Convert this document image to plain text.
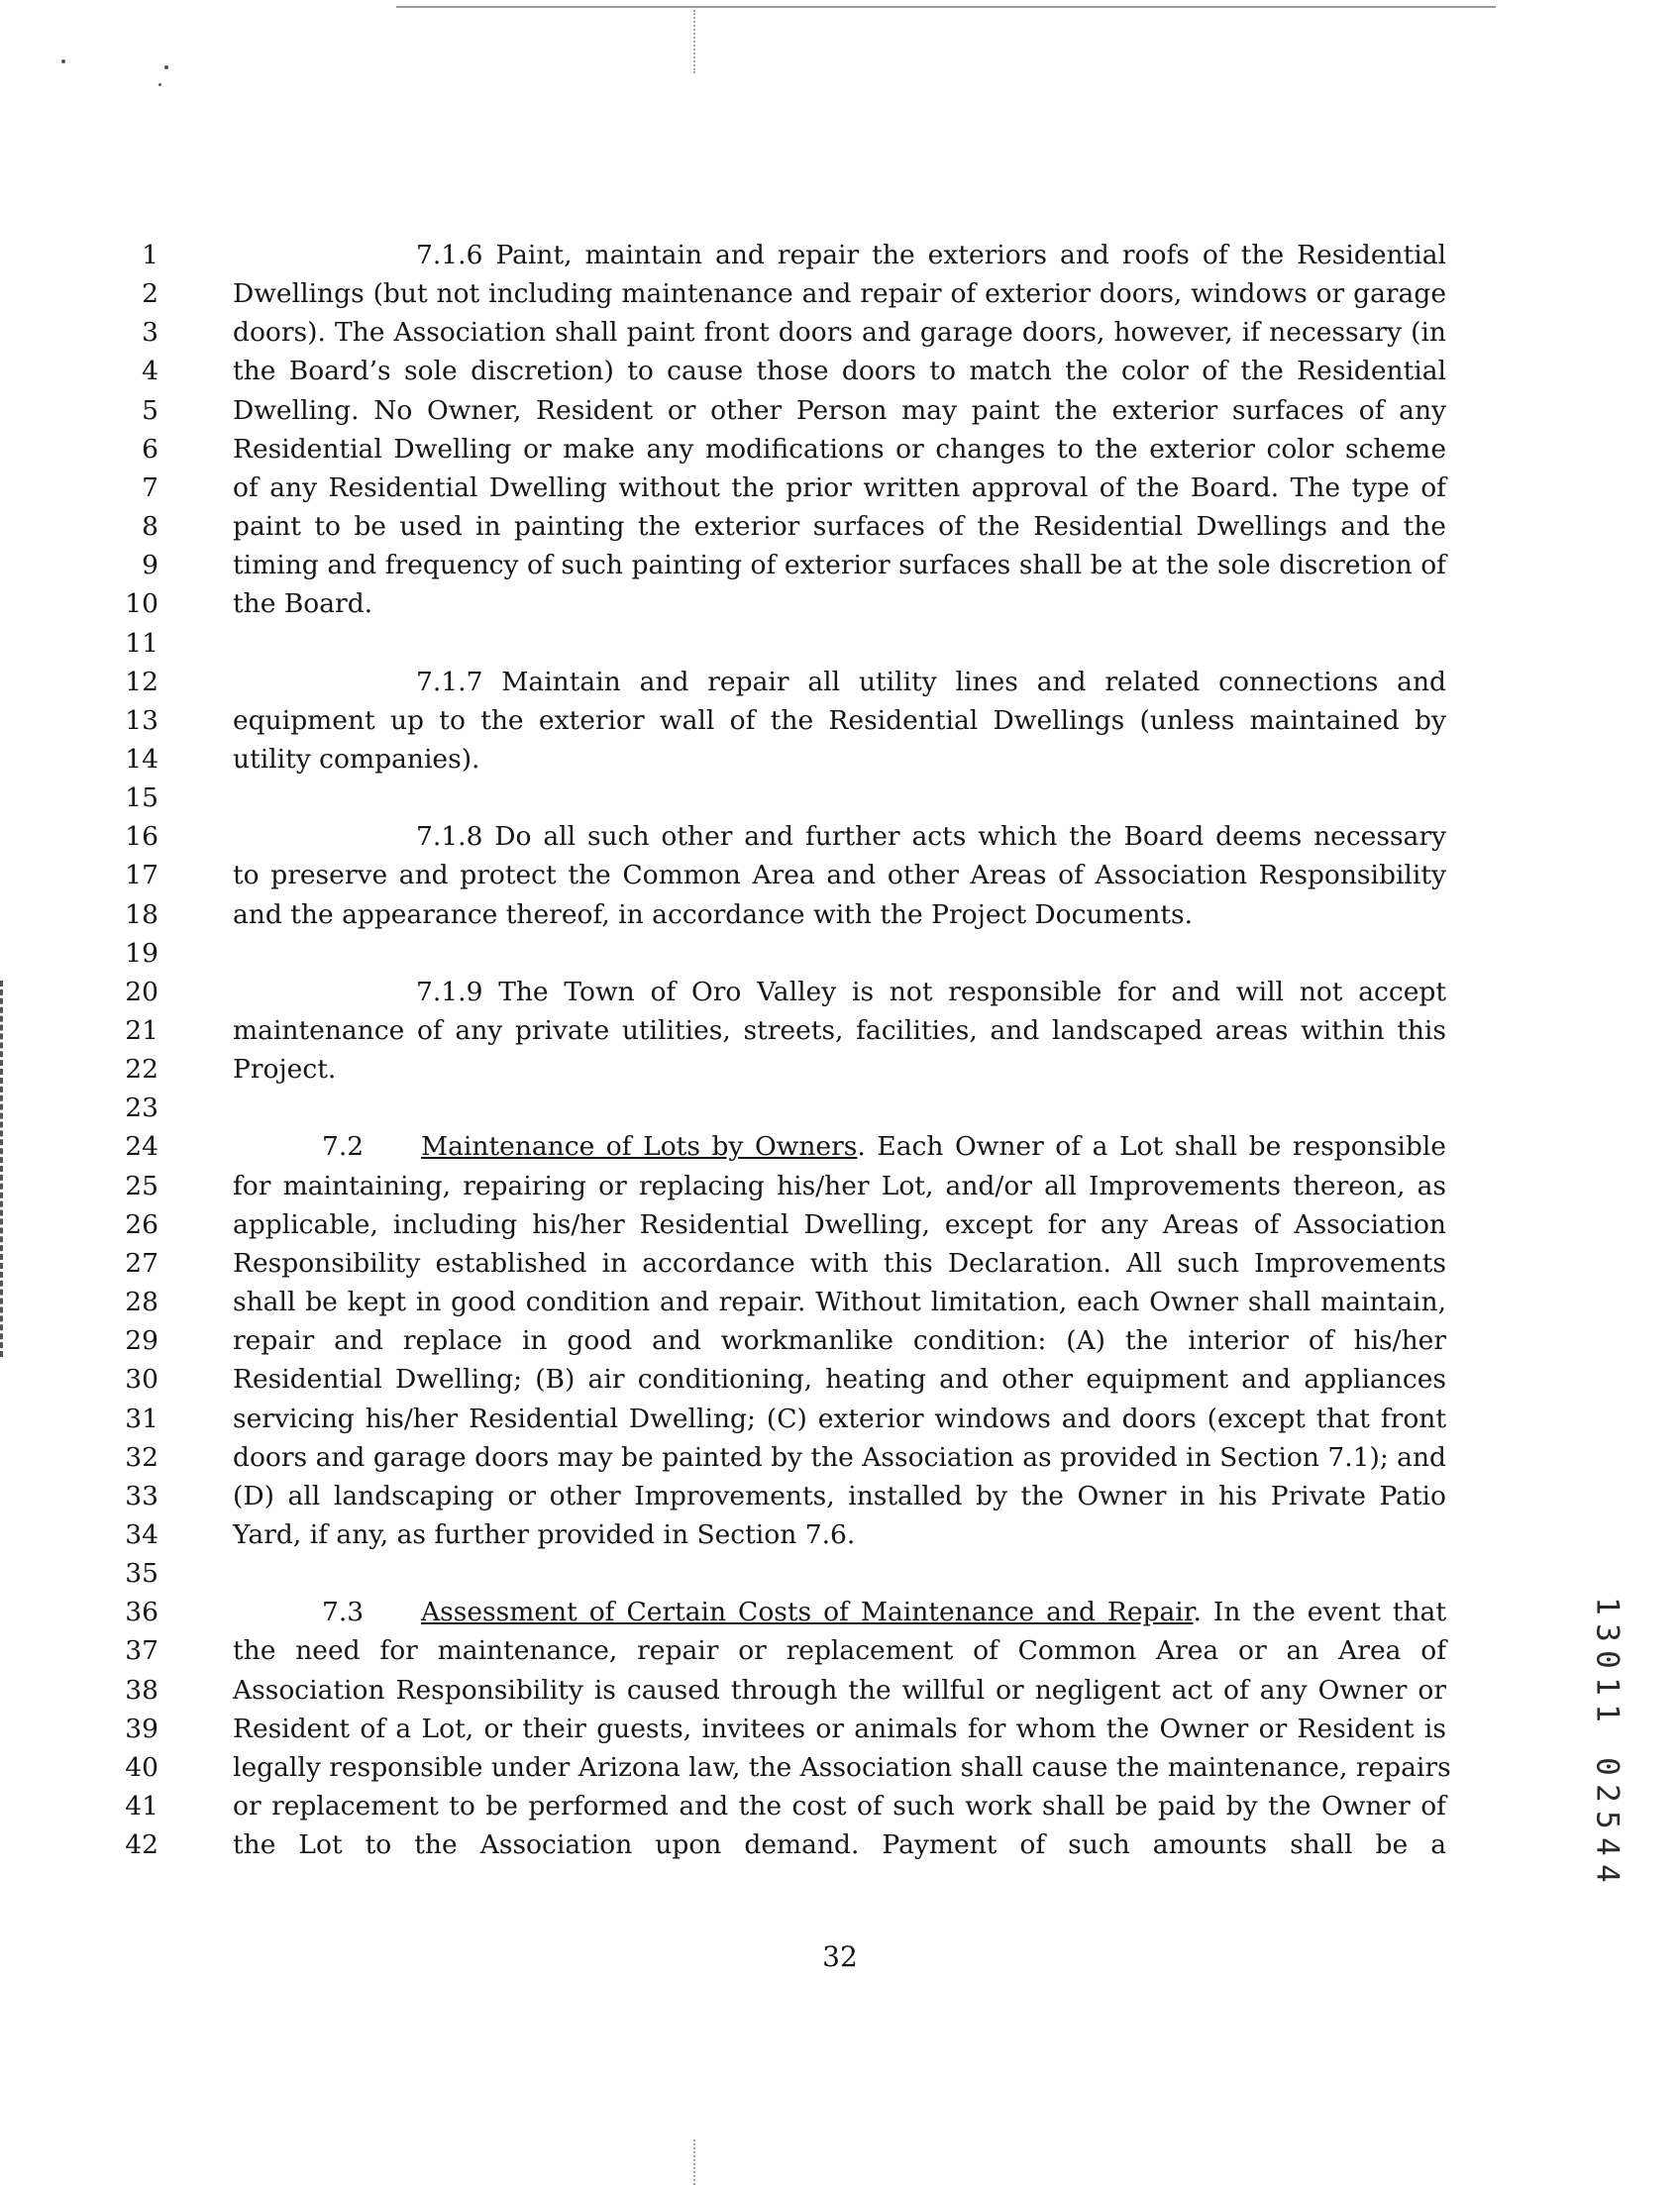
1	7.1.6 Paint, maintain and repair the exteriors and roofs of the Residential
2	Dwellings (but not including maintenance and repair of exterior doors, windows or garage
3	doors). The Association shall paint front doors and garage doors, however, if necessary (in
4	the Board’s sole discretion) to cause those doors to match the color of the Residential
5	Dwelling. No Owner, Resident or other Person may paint the exterior surfaces of any
6	Residential Dwelling or make any modifications or changes to the exterior color scheme
7	of any Residential Dwelling without the prior written approval of the Board. The type of
8	paint to be used in painting the exterior surfaces of the Residential Dwellings and the
9	timing and frequency of such painting of exterior surfaces shall be at the sole discretion of
10	the Board.
11
12	7.1.7 Maintain and repair all utility lines and related connections and
13	equipment up to the exterior wall of the Residential Dwellings (unless maintained by
14	utility companies).
15
16	7.1.8 Do all such other and further acts which the Board deems necessary
17	to preserve and protect the Common Area and other Areas of Association Responsibility
18	and the appearance thereof, in accordance with the Project Documents.
19
20	7.1.9 The Town of Oro Valley is not responsible for and will not accept
21	maintenance of any private utilities, streets, facilities, and landscaped areas within this
22	Project.
23
24	7.2 Maintenance of Lots by Owners. Each Owner of a Lot shall be responsible
25	for maintaining, repairing or replacing his/her Lot, and/or all Improvements thereon, as
26	applicable, including his/her Residential Dwelling, except for any Areas of Association
27	Responsibility established in accordance with this Declaration. All such Improvements
28	shall be kept in good condition and repair. Without limitation, each Owner shall maintain,
29	repair and replace in good and workmanlike condition: (A) the interior of his/her
30	Residential Dwelling; (B) air conditioning, heating and other equipment and appliances
31	servicing his/her Residential Dwelling; (C) exterior windows and doors (except that front
32	doors and garage doors may be painted by the Association as provided in Section 7.1); and
33	(D) all landscaping or other Improvements, installed by the Owner in his Private Patio
34	Yard, if any, as further provided in Section 7.6.
35
36	7.3 Assessment of Certain Costs of Maintenance and Repair. In the event that
37	the need for maintenance, repair or replacement of Common Area or an Area of
38	Association Responsibility is caused through the willful or negligent act of any Owner or
39	Resident of a Lot, or their guests, invitees or animals for whom the Owner or Resident is
40	legally responsible under Arizona law, the Association shall cause the maintenance, repairs
41	or replacement to be performed and the cost of such work shall be paid by the Owner of
42	the Lot to the Association upon demand. Payment of such amounts shall be a
32
1
3
0
1
1

0
2
5
4
4
